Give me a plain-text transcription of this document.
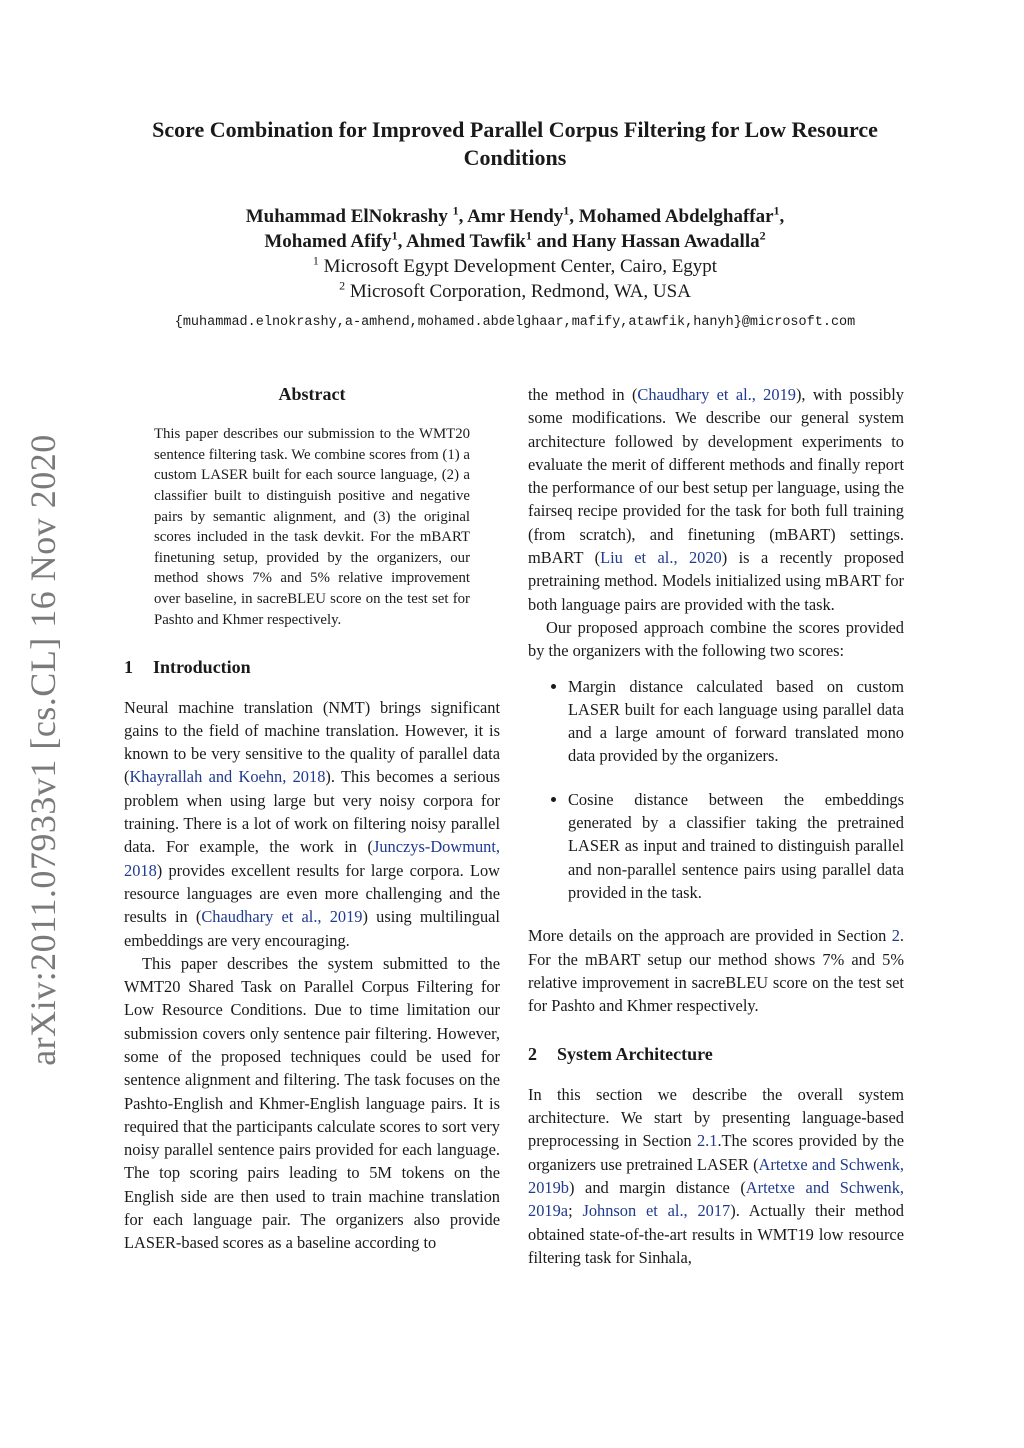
arXiv:2011.07933v1 [cs.CL] 16 Nov 2020
Score Combination for Improved Parallel Corpus Filtering for Low Resource Conditions
Muhammad ElNokrashy $^1$, Amr Hendy$^1$, Mohamed Abdelghaffar$^1$,
Mohamed Afify$^1$, Ahmed Tawfik$^1$ and Hany Hassan Awadalla$^2$
$^1$ Microsoft Egypt Development Center, Cairo, Egypt
$^2$ Microsoft Corporation, Redmond, WA, USA
{muhammad.elnokrashy,a-amhend,mohamed.abdelghaar,mafify,atawfik,hanyh}@microsoft.com
Abstract

This paper describes our submission to the WMT20 sentence filtering task. We combine scores from (1) a custom LASER built for each source language, (2) a classifier built to distinguish positive and negative pairs by semantic alignment, and (3) the original scores included in the task devkit. For the mBART finetuning setup, provided by the organizers, our method shows 7% and 5% relative improvement over baseline, in sacreBLEU score on the test set for Pashto and Khmer respectively.

1 Introduction

Neural machine translation (NMT) brings significant gains to the field of machine translation. However, it is known to be very sensitive to the quality of parallel data (Khayrallah and Koehn, 2018). This becomes a serious problem when using large but very noisy corpora for training. There is a lot of work on filtering noisy parallel data. For example, the work in (Junczys-Dowmunt, 2018) provides excellent results for large corpora. Low resource languages are even more challenging and the results in (Chaudhary et al., 2019) using multilingual embeddings are very encouraging.

This paper describes the system submitted to the WMT20 Shared Task on Parallel Corpus Filtering for Low Resource Conditions. Due to time limitation our submission covers only sentence pair filtering. However, some of the proposed techniques could be used for sentence alignment and filtering. The task focuses on the Pashto-English and Khmer-English language pairs. It is required that the participants calculate scores to sort very noisy parallel sentence pairs provided for each language. The top scoring pairs leading to 5M tokens on the English side are then used to train machine translation for each language pair. The organizers also provide LASER-based scores as a baseline according to

the method in (Chaudhary et al., 2019), with possibly some modifications. We describe our general system architecture followed by development experiments to evaluate the merit of different methods and finally report the performance of our best setup per language, using the fairseq recipe provided for the task for both full training (from scratch), and finetuning (mBART) settings. mBART (Liu et al., 2020) is a recently proposed pretraining method. Models initialized using mBART for both language pairs are provided with the task.

Our proposed approach combine the scores provided by the organizers with the following two scores:

• Margin distance calculated based on custom LASER built for each language using parallel data and a large amount of forward translated mono data provided by the organizers.
• Cosine distance between the embeddings generated by a classifier taking the pretrained LASER as input and trained to distinguish parallel and non-parallel sentence pairs using parallel data provided in the task.

More details on the approach are provided in Section 2. For the mBART setup our method shows 7% and 5% relative improvement in sacreBLEU score on the test set for Pashto and Khmer respectively.

2 System Architecture

In this section we describe the overall system architecture. We start by presenting language-based preprocessing in Section 2.1.The scores provided by the organizers use pretrained LASER (Artetxe and Schwenk, 2019b) and margin distance (Artetxe and Schwenk, 2019a; Johnson et al., 2017). Actually their method obtained state-of-the-art results in WMT19 low resource filtering task for Sinhala,
